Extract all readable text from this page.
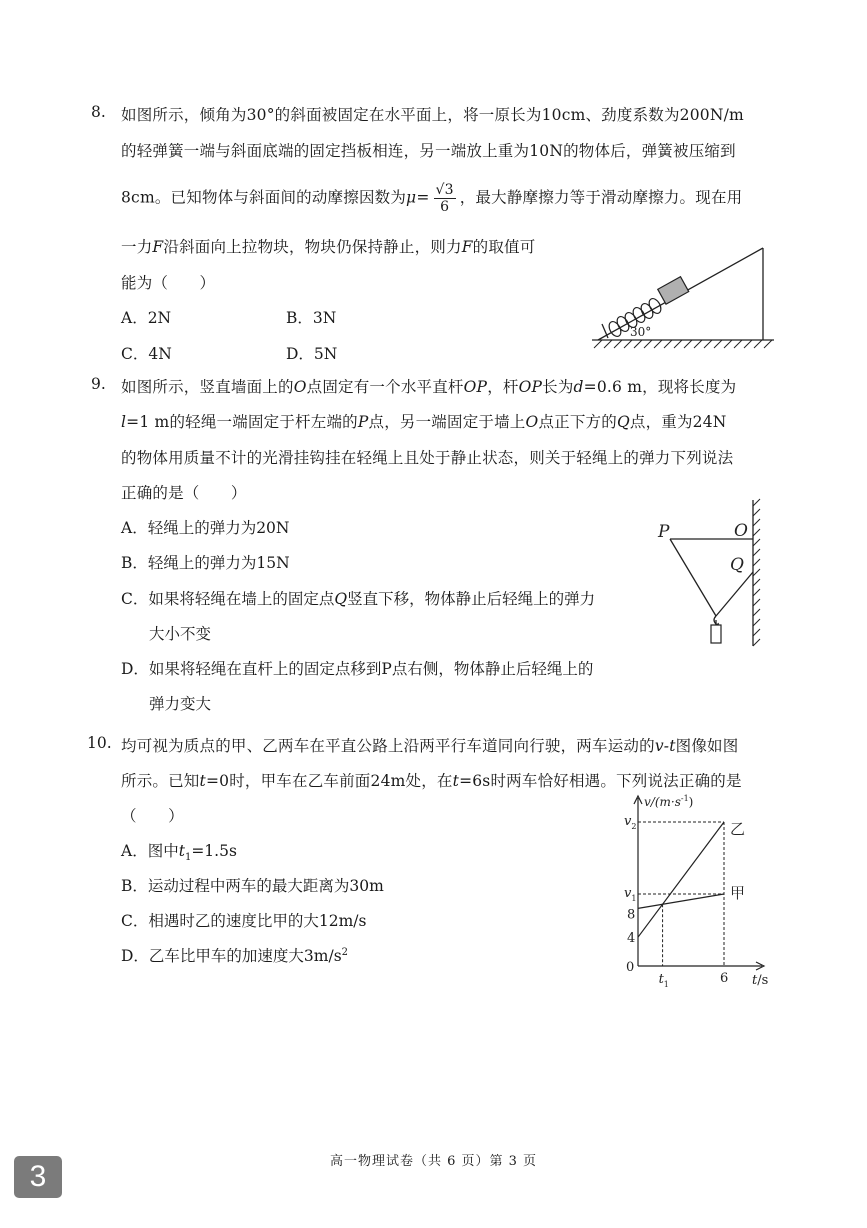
8. 如图所示，倾角为30°的斜面被固定在水平面上，将一原长为10cm、劲度系数为200N/m
的轻弹簧一端与斜面底端的固定挡板相连，另一端放上重为10N的物体后，弹簧被压缩到
8cm。已知物体与斜面间的动摩擦因数为$\mu= \frac{√3}{6}$ ，最大静摩擦力等于滑动摩擦力。现在用
一力F沿斜面向上拉物块，物块仍保持静止，则力F的取值可
能为（　　）
A．2N	B．3N
C．4N	D．5N
30°
9. 如图所示，竖直墙面上的O点固定有一个水平直杆OP，杆OP长为d=0.6 m，现将长度为
l=1 m的轻绳一端固定于杆左端的P点，另一端固定于墙上O点正下方的Q点，重为24N
的物体用质量不计的光滑挂钩挂在轻绳上且处于静止状态，则关于轻绳上的弹力下列说法
正确的是（　　）
A．轻绳上的弹力为20N
B．轻绳上的弹力为15N
C．如果将轻绳在墙上的固定点Q竖直下移，物体静止后轻绳上的弹力
大小不变
D．如果将轻绳在直杆上的固定点移到P点右侧，物体静止后轻绳上的
弹力变大
P	O
Q
10. 均可视为质点的甲、乙两车在平直公路上沿两平行车道同向行驶，两车运动的v-t图像如图
所示。已知t=0时，甲车在乙车前面24m处，在t=6s时两车恰好相遇。下列说法正确的是
（　　）
A．图中$t_1=1.5s$
B．运动过程中两车的最大距离为30m
C．相遇时乙的速度比甲的大12m/s
D．乙车比甲车的加速度大$3m/s^2$
$v/(m\cdot s^{-1})$
t/s
$v_2$
$v_1$
8
4
0
$t_1$	6
乙
甲
高一物理试卷（共 6 页）第 3 页
3
